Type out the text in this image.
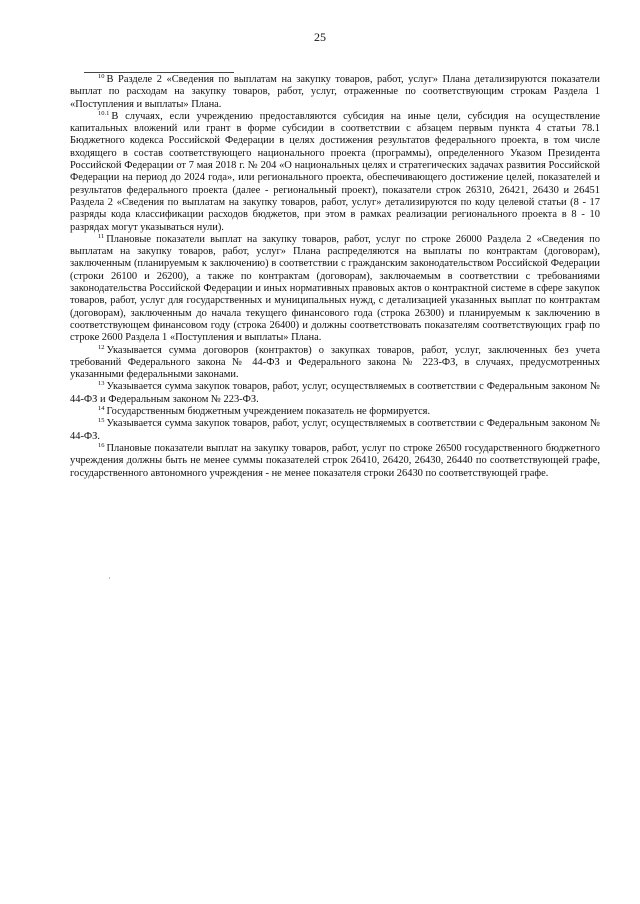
25

$^{10}$ В Разделе 2 «Сведения по выплатам на закупку товаров, работ, услуг» Плана детализируются показатели выплат по расходам на закупку товаров, работ, услуг, отраженные по соответствующим строкам Раздела 1 «Поступления и выплаты» Плана.

$^{10.1}$ В случаях, если учреждению предоставляются субсидия на иные цели, субсидия на осуществление капитальных вложений или грант в форме субсидии в соответствии с абзацем первым пункта 4 статьи 78.1 Бюджетного кодекса Российской Федерации в целях достижения результатов федерального проекта, в том числе входящего в состав соответствующего национального проекта (программы), определенного Указом Президента Российской Федерации от 7 мая 2018 г. № 204 «О национальных целях и стратегических задачах развития Российской Федерации на период до 2024 года», или регионального проекта, обеспечивающего достижение целей, показателей и результатов федерального проекта (далее - региональный проект), показатели строк 26310, 26421, 26430 и 26451 Раздела 2 «Сведения по выплатам на закупку товаров, работ, услуг» детализируются по коду целевой статьи (8 - 17 разряды кода классификации расходов бюджетов, при этом в рамках реализации регионального проекта в 8 - 10 разрядах могут указываться нули).

$^{11}$ Плановые показатели выплат на закупку товаров, работ, услуг по строке 26000 Раздела 2 «Сведения по выплатам на закупку товаров, работ, услуг» Плана распределяются на выплаты по контрактам (договорам), заключенным (планируемым к заключению) в соответствии с гражданским законодательством Российской Федерации (строки 26100 и 26200), а также по контрактам (договорам), заключаемым в соответствии с требованиями законодательства Российской Федерации и иных нормативных правовых актов о контрактной системе в сфере закупок товаров, работ, услуг для государственных и муниципальных нужд, с детализацией указанных выплат по контрактам (договорам), заключенным до начала текущего финансового года (строка 26300) и планируемым к заключению в соответствующем финансовом году (строка 26400) и должны соответствовать показателям соответствующих граф по строке 2600 Раздела 1 «Поступления и выплаты» Плана.

$^{12}$ Указывается сумма договоров (контрактов) о закупках товаров, работ, услуг, заключенных без учета требований Федерального закона № 44-ФЗ и Федерального закона № 223-ФЗ, в случаях, предусмотренных указанными федеральными законами.

$^{13}$ Указывается сумма закупок товаров, работ, услуг, осуществляемых в соответствии с Федеральным законом № 44-ФЗ и Федеральным законом № 223-ФЗ.

$^{14}$ Государственным бюджетным учреждением показатель не формируется.

$^{15}$ Указывается сумма закупок товаров, работ, услуг, осуществляемых в соответствии с Федеральным законом № 44-ФЗ.

$^{16}$ Плановые показатели выплат на закупку товаров, работ, услуг по строке 26500 государственного бюджетного учреждения должны быть не менее суммы показателей строк 26410, 26420, 26430, 26440 по соответствующей графе, государственного автономного учреждения - не менее показателя строки 26430 по соответствующей графе.

·
